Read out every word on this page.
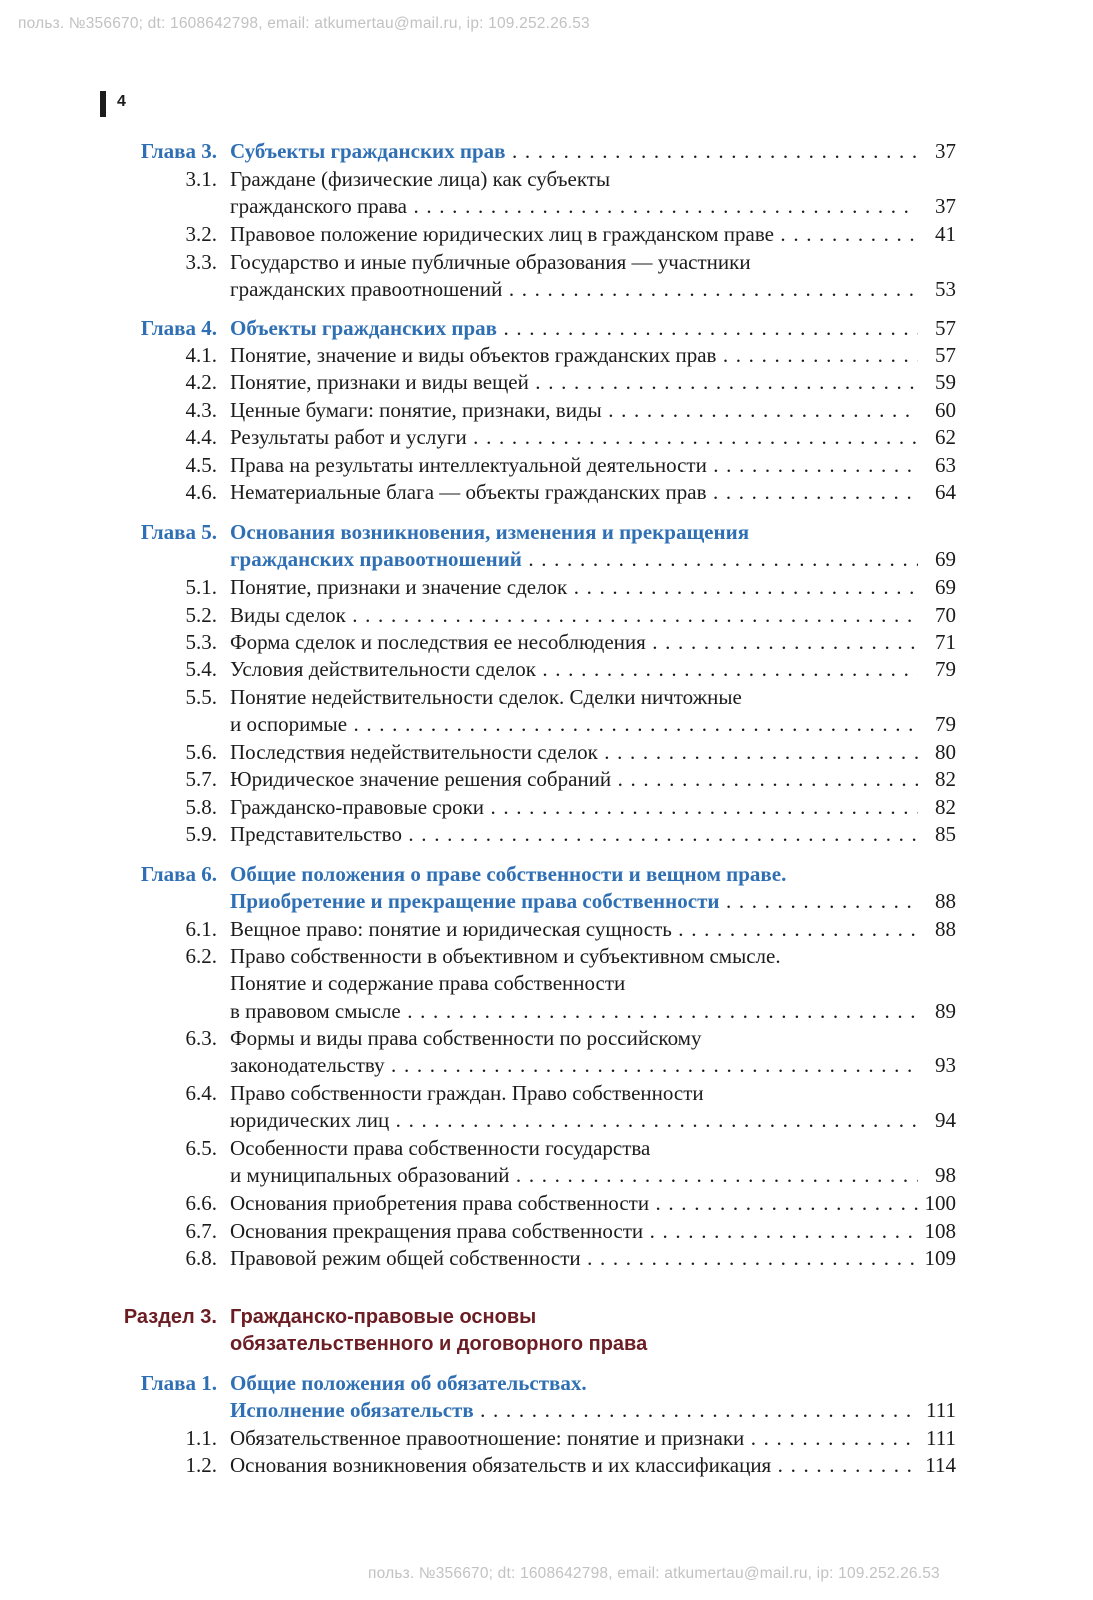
польз. №356670; dt: 1608642798, email: atkumertau@mail.ru, ip: 109.252.26.53
4
Глава 3. Субъекты гражданских прав . . .	37
3.1. Граждане (физические лица) как субъекты
гражданского права . . .	37
3.2. Правовое положение юридических лиц в гражданском праве . . .	41
3.3. Государство и иные публичные образования — участники
гражданских правоотношений . . .	53
Глава 4. Объекты гражданских прав . . .	57
4.1. Понятие, значение и виды объектов гражданских прав . . .	57
4.2. Понятие, признаки и виды вещей . . .	59
4.3. Ценные бумаги: понятие, признаки, виды . . .	60
4.4. Результаты работ и услуги . . .	62
4.5. Права на результаты интеллектуальной деятельности . . .	63
4.6. Нематериальные блага — объекты гражданских прав . . .	64
Глава 5. Основания возникновения, изменения и прекращения
гражданских правоотношений . . .	69
5.1. Понятие, признаки и значение сделок . . .	69
5.2. Виды сделок . . .	70
5.3. Форма сделок и последствия ее несоблюдения . . .	71
5.4. Условия действительности сделок . . .	79
5.5. Понятие недействительности сделок. Сделки ничтожные
и оспоримые . . .	79
5.6. Последствия недействительности сделок . . .	80
5.7. Юридическое значение решения собраний . . .	82
5.8. Гражданско-правовые сроки . . .	82
5.9. Представительство . . .	85
Глава 6. Общие положения о праве собственности и вещном праве.
Приобретение и прекращение права собственности . . .	88
6.1. Вещное право: понятие и юридическая сущность . . .	88
6.2. Право собственности в объективном и субъективном смысле.
Понятие и содержание права собственности
в правовом смысле . . .	89
6.3. Формы и виды права собственности по российскому
законодательству . . .	93
6.4. Право собственности граждан. Право собственности
юридических лиц . . .	94
6.5. Особенности права собственности государства
и муниципальных образований . . .	98
6.6. Основания приобретения права собственности . . .	100
6.7. Основания прекращения права собственности . . .	108
6.8. Правовой режим общей собственности . . .	109
Раздел 3. Гражданско-правовые основы
обязательственного и договорного права
Глава 1. Общие положения об обязательствах.
Исполнение обязательств . . .	111
1.1. Обязательственное правоотношение: понятие и признаки . . .	111
1.2. Основания возникновения обязательств и их классификация . . .	114
польз. №356670; dt: 1608642798, email: atkumertau@mail.ru, ip: 109.252.26.53
